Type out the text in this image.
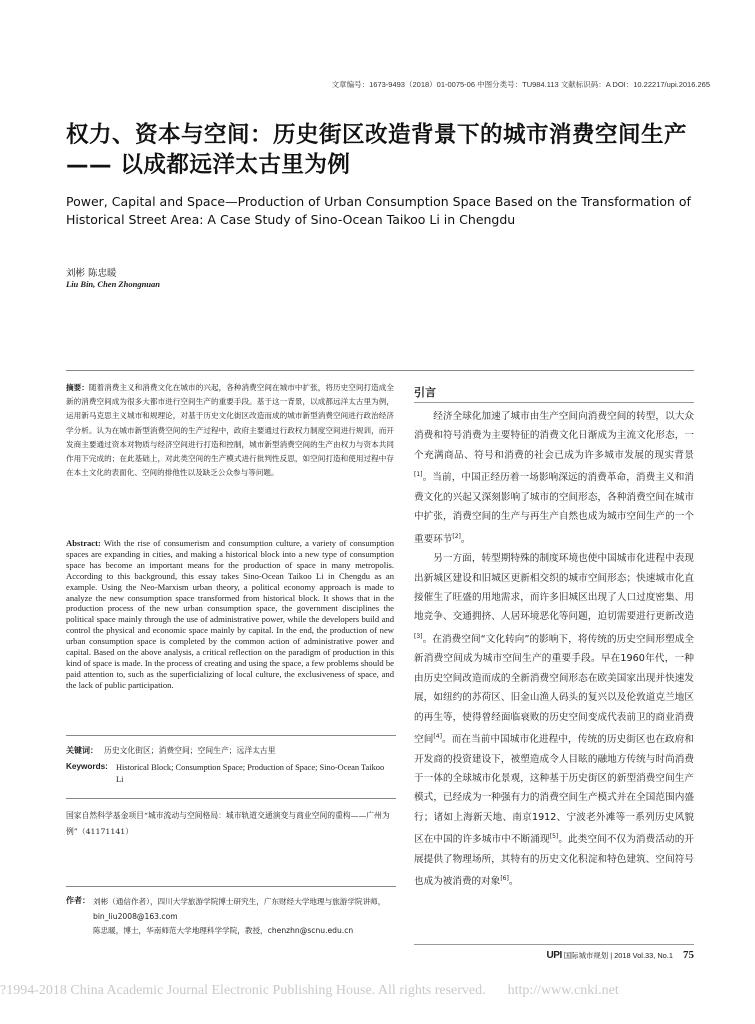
文章编号：1673-9493（2018）01-0075-06 中图分类号：TU984.113 文献标识码：A DOI：10.22217/upi.2016.265
权力、资本与空间：历史街区改造背景下的城市消费空间生产 —— 以成都远洋太古里为例
Power, Capital and Space—Production of Urban Consumption Space Based on the Transformation of Historical Street Area: A Case Study of Sino-Ocean Taikoo Li in Chengdu
刘彬 陈忠暖
Liu Bin, Chen Zhongnuan
摘要：随着消费主义和消费文化在城市的兴起，各种消费空间在城市中扩张，将历史空间打造成全新的消费空间成为很多大都市进行空间生产的重要手段。基于这一背景，以成都远洋太古里为例，运用新马克思主义城市和规理论，对基于历史文化街区改造而成的城市新型消费空间进行政治经济学分析。认为在城市新型消费空间的生产过程中，政府主要通过行政权力制度空间进行规训，而开发商主要通过资本对物质与经济空间进行打造和控制，城市新型消费空间的生产由权力与资本共同作用下完成的；在此基础上，对此类空间的生产模式进行批判性反思，如空间打造和使用过程中存在本土文化的表面化、空间的排他性以及缺乏公众参与等问题。
Abstract: With the rise of consumerism and consumption culture, a variety of consumption spaces are expanding in cities, and making a historical block into a new type of consumption space has become an important means for the production of space in many metropolis. According to this background, this essay takes Sino-Ocean Taikoo Li in Chengdu as an example. Using the Neo-Marxism urban theory, a political economy approach is made to analyze the new consumption space transformed from historical block. It shows that in the production process of the new urban consumption space, the government disciplines the political space mainly through the use of administrative power, while the developers build and control the physical and economic space mainly by capital. In the end, the production of new urban consumption space is completed by the common action of administrative power and capital. Based on the above analysis, a critical reflection on the paradigm of production in this kind of space is made. In the process of creating and using the space, a few problems should be paid attention to, such as the superficializing of local culture, the exclusiveness of space, and the lack of public participation.
关键词： 历史文化街区；消费空间；空间生产；远洋太古里
Keywords: Historical Block; Consumption Space; Production of Space; Sino-Ocean Taikoo Li
国家自然科学基金项目“城市流动与空间格局：城市轨道交通演变与商业空间的重构——广州为例”（41171141）
作者： 刘彬（通信作者），四川大学旅游学院博士研究生，广东财经大学地理与旅游学院讲师，bin_liu2008@163.com
陈忠暖，博士，华南师范大学地理科学学院，教授，chenzhn@scnu.edu.cn
引言

经济全球化加速了城市由生产空间向消费空间的转型，以大众消费和符号消费为主要特征的消费文化日渐成为主流文化形态，一个充满商品、符号和消费的社会已成为许多城市发展的现实背景[1]。当前，中国正经历着一场影响深远的消费革命，消费主义和消费文化的兴起又深刻影响了城市的空间形态，各种消费空间在城市中扩张，消费空间的生产与再生产自然也成为城市空间生产的一个重要环节[2]。

另一方面，转型期特殊的制度环境也使中国城市化进程中表现出新城区建设和旧城区更新相交织的城市空间形态；快速城市化直接催生了旺盛的用地需求，而许多旧城区出现了人口过度密集、用地竞争、交通拥挤、人居环境恶化等问题，迫切需要进行更新改造[3]。在消费空间“文化转向”的影响下，将传统的历史空间形塑成全新消费空间成为城市空间生产的重要手段。早在1960年代，一种由历史空间改造而成的全新消费空间形态在欧美国家出现并快速发展，如纽约的苏荷区、旧金山渔人码头的复兴以及伦敦道克兰地区的再生等，使得曾经面临衰败的历史空间变成代表前卫的商业消费空间[4]。而在当前中国城市化进程中，传统的历史街区也在政府和开发商的投资建设下，被塑造成令人目眩的融地方传统与时尚消费于一体的全球城市化景观，这种基于历史街区的新型消费空间生产模式，已经成为一种强有力的消费空间生产模式并在全国范围内盛行；诸如上海新天地、南京1912、宁波老外滩等一系列历史风貌区在中国的许多城市中不断涌现[5]。此类空间不仅为消费活动的开展提供了物理场所，其特有的历史文化积淀和特色建筑、空间符号也成为被消费的对象[6]。

UPI 国际城市规划 | 2018 Vol.33, No.1 75
?1994-2018 China Academic Journal Electronic Publishing House. All rights reserved. http://www.cnki.net
